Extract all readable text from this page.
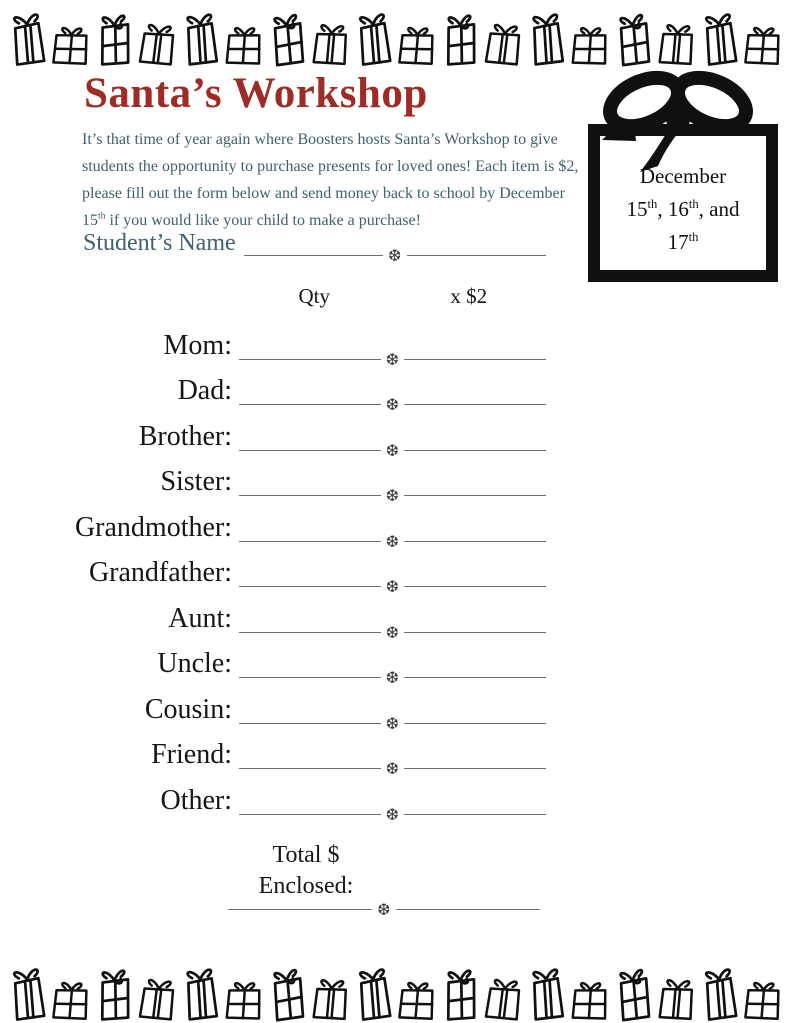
Santa’s Workshop

It’s that time of year again where Boosters hosts Santa’s Workshop to give students the opportunity to purchase presents for loved ones! Each item is $2, please fill out the form below and send money back to school by December 15th if you would like your child to make a purchase!

December
15th, 16th, and
17th
Student’s Name	❆
Qty	x $2
Mom:	❆
Dad:	❆
Brother:	❆
Sister:	❆
Grandmother:	❆
Grandfather:	❆
Aunt:	❆
Uncle:	❆
Cousin:	❆
Friend:	❆
Other:	❆
Total $
Enclosed:
❆
